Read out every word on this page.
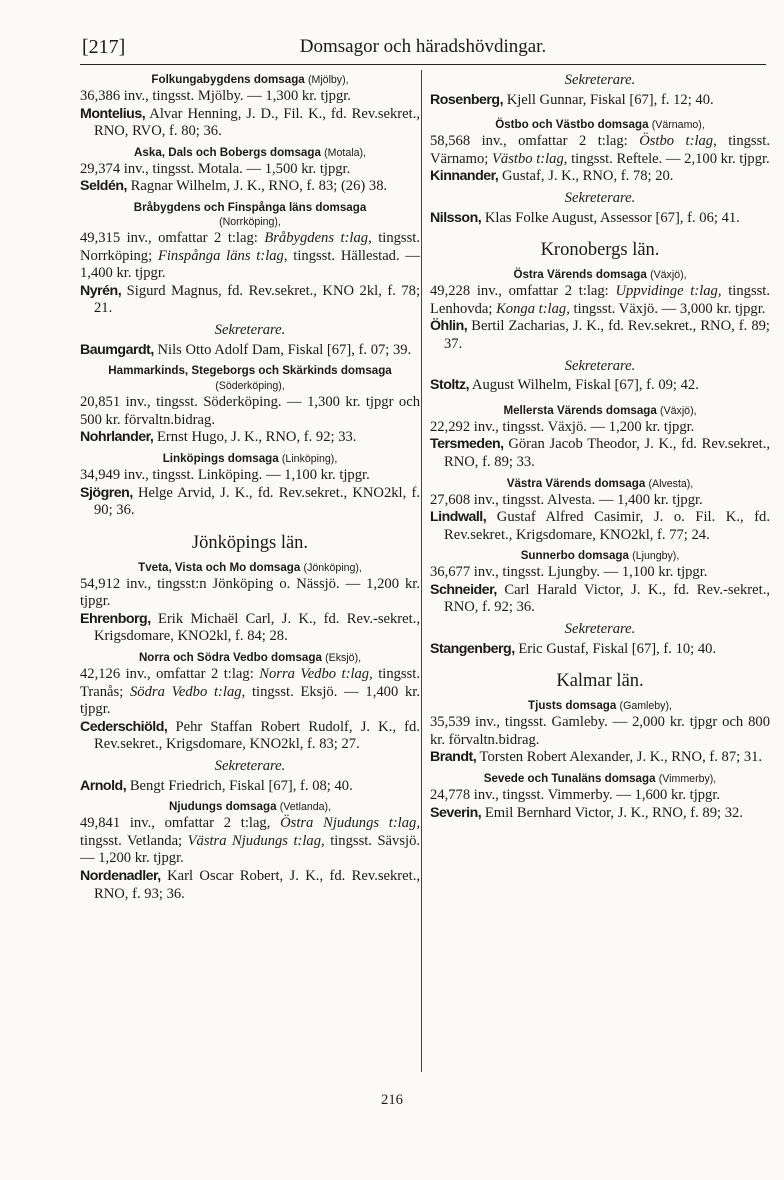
[217]	Domsagor och häradshövdingar.
Folkungabygdens domsaga (Mjölby),
36,386 inv., tingsst. Mjölby. — 1,300 kr. tjpgr.
Montelius, Alvar Henning, J. D., Fil. K., fd. Rev.sekret., RNO, RVO, f. 80; 36.
Aska, Dals och Bobergs domsaga (Motala),
29,374 inv., tingsst. Motala. — 1,500 kr. tjpgr.
Seldén, Ragnar Wilhelm, J. K., RNO, f. 83; (26) 38.
Bråbygdens och Finspånga läns domsaga
(Norrköping),
49,315 inv., omfattar 2 t:lag: Bråbygdens t:lag, tingsst. Norrköping; Finspånga läns t:lag, tingsst. Hällestad. — 1,400 kr. tjpgr.
Nyrén, Sigurd Magnus, fd. Rev.sekret., KNO 2kl, f. 78; 21.
Sekreterare.
Baumgardt, Nils Otto Adolf Dam, Fiskal [67], f. 07; 39.
Hammarkinds, Stegeborgs och Skärkinds domsaga (Söderköping),
20,851 inv., tingsst. Söderköping. — 1,300 kr. tjpgr och 500 kr. förvaltn.bidrag.
Nohrlander, Ernst Hugo, J. K., RNO, f. 92; 33.
Linköpings domsaga (Linköping),
34,949 inv., tingsst. Linköping. — 1,100 kr. tjpgr.
Sjögren, Helge Arvid, J. K., fd. Rev.sekret., KNO2kl, f. 90; 36.
Jönköpings län.
Tveta, Vista och Mo domsaga (Jönköping),
54,912 inv., tingsst:n Jönköping o. Nässjö. — 1,200 kr. tjpgr.
Ehrenborg, Erik Michaël Carl, J. K., fd. Rev.-sekret., Krigsdomare, KNO2kl, f. 84; 28.
Norra och Södra Vedbo domsaga (Eksjö),
42,126 inv., omfattar 2 t:lag: Norra Vedbo t:lag, tingsst. Tranås; Södra Vedbo t:lag, tingsst. Eksjö. — 1,400 kr. tjpgr.
Cederschiöld, Pehr Staffan Robert Rudolf, J. K., fd. Rev.sekret., Krigsdomare, KNO2kl, f. 83; 27.
Sekreterare.
Arnold, Bengt Friedrich, Fiskal [67], f. 08; 40.
Njudungs domsaga (Vetlanda),
49,841 inv., omfattar 2 t:lag, Östra Njudungs t:lag, tingsst. Vetlanda; Västra Njudungs t:lag, tingsst. Sävsjö. — 1,200 kr. tjpgr.
Nordenadler, Karl Oscar Robert, J. K., fd. Rev.sekret., RNO, f. 93; 36.
Sekreterare.
Rosenberg, Kjell Gunnar, Fiskal [67], f. 12; 40.
Östbo och Västbo domsaga (Värnamo),
58,568 inv., omfattar 2 t:lag: Östbo t:lag, tingsst. Värnamo; Västbo t:lag, tingsst. Reftele. — 2,100 kr. tjpgr.
Kinnander, Gustaf, J. K., RNO, f. 78; 20.
Sekreterare.
Nilsson, Klas Folke August, Assessor [67], f. 06; 41.
Kronobergs län.
Östra Värends domsaga (Växjö),
49,228 inv., omfattar 2 t:lag: Uppvidinge t:lag, tingsst. Lenhovda; Konga t:lag, tingsst. Växjö. — 3,000 kr. tjpgr.
Öhlin, Bertil Zacharias, J. K., fd. Rev.sekret., RNO, f. 89; 37.
Sekreterare.
Stoltz, August Wilhelm, Fiskal [67], f. 09; 42.
Mellersta Värends domsaga (Växjö),
22,292 inv., tingsst. Växjö. — 1,200 kr. tjpgr.
Tersmeden, Göran Jacob Theodor, J. K., fd. Rev.sekret., RNO, f. 89; 33.
Västra Värends domsaga (Alvesta),
27,608 inv., tingsst. Alvesta. — 1,400 kr. tjpgr.
Lindwall, Gustaf Alfred Casimir, J. o. Fil. K., fd. Rev.sekret., Krigsdomare, KNO2kl, f. 77; 24.
Sunnerbo domsaga (Ljungby),
36,677 inv., tingsst. Ljungby. — 1,100 kr. tjpgr.
Schneider, Carl Harald Victor, J. K., fd. Rev.-sekret., RNO, f. 92; 36.
Sekreterare.
Stangenberg, Eric Gustaf, Fiskal [67], f. 10; 40.
Kalmar län.
Tjusts domsaga (Gamleby),
35,539 inv., tingsst. Gamleby. — 2,000 kr. tjpgr och 800 kr. förvaltn.bidrag.
Brandt, Torsten Robert Alexander, J. K., RNO, f. 87; 31.
Sevede och Tunaläns domsaga (Vimmerby),
24,778 inv., tingsst. Vimmerby. — 1,600 kr. tjpgr.
Severin, Emil Bernhard Victor, J. K., RNO, f. 89; 32.
216
